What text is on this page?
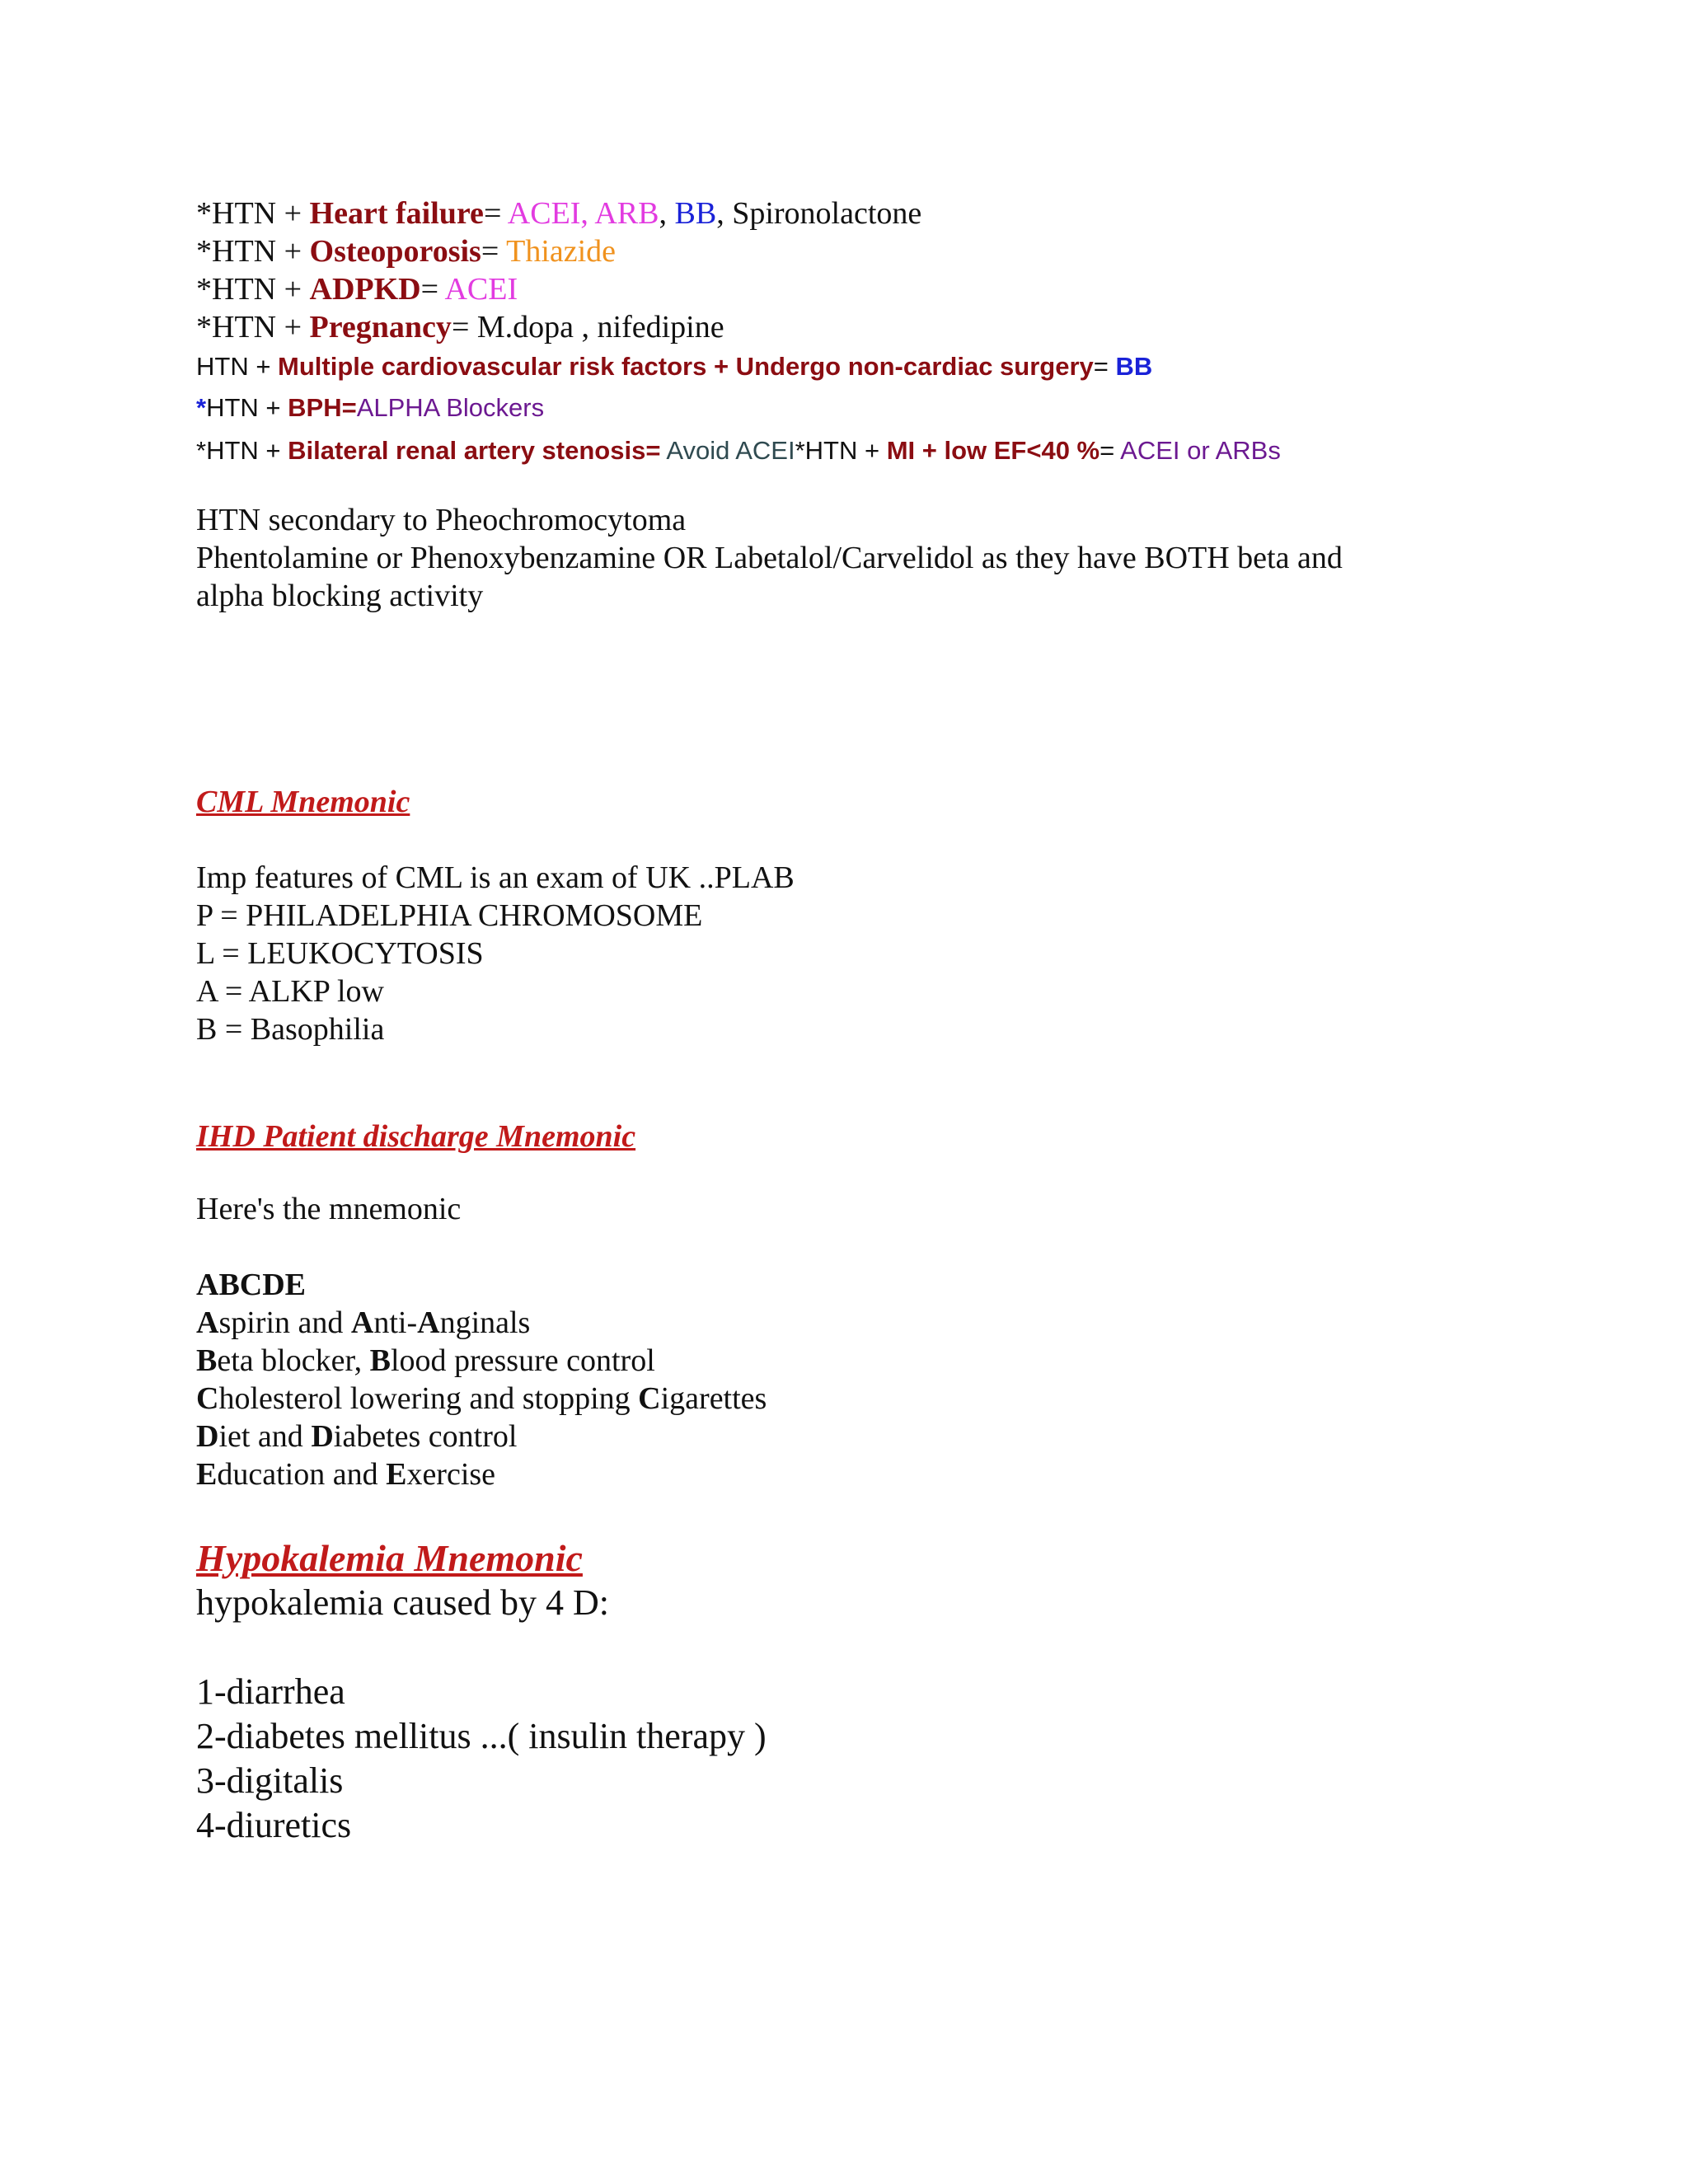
*HTN + Heart failure= ACEI, ARB, BB, Spironolactone
*HTN + Osteoporosis= Thiazide
*HTN + ADPKD= ACEI
*HTN + Pregnancy= M.dopa , nifedipine
HTN + Multiple cardiovascular risk factors + Undergo non-cardiac surgery= BB
*HTN + BPH=ALPHA Blockers
*HTN + Bilateral renal artery stenosis= Avoid ACEI*HTN + MI + low EF<40 %= ACEI or ARBs
HTN secondary to Pheochromocytoma
Phentolamine or Phenoxybenzamine OR Labetalol/Carvelidol as they have BOTH beta and
alpha blocking activity
CML Mnemonic
Imp features of CML is an exam of UK ..PLAB
P = PHILADELPHIA CHROMOSOME
L = LEUKOCYTOSIS
A = ALKP low
B = Basophilia
IHD Patient discharge Mnemonic
Here's the mnemonic
ABCDE
Aspirin and Anti-Anginals
Beta blocker, Blood pressure control
Cholesterol lowering and stopping Cigarettes
Diet and Diabetes control
Education and Exercise
Hypokalemia Mnemonic
hypokalemia caused by 4 D:
1-diarrhea
2-diabetes mellitus ...( insulin therapy )
3-digitalis
4-diuretics
